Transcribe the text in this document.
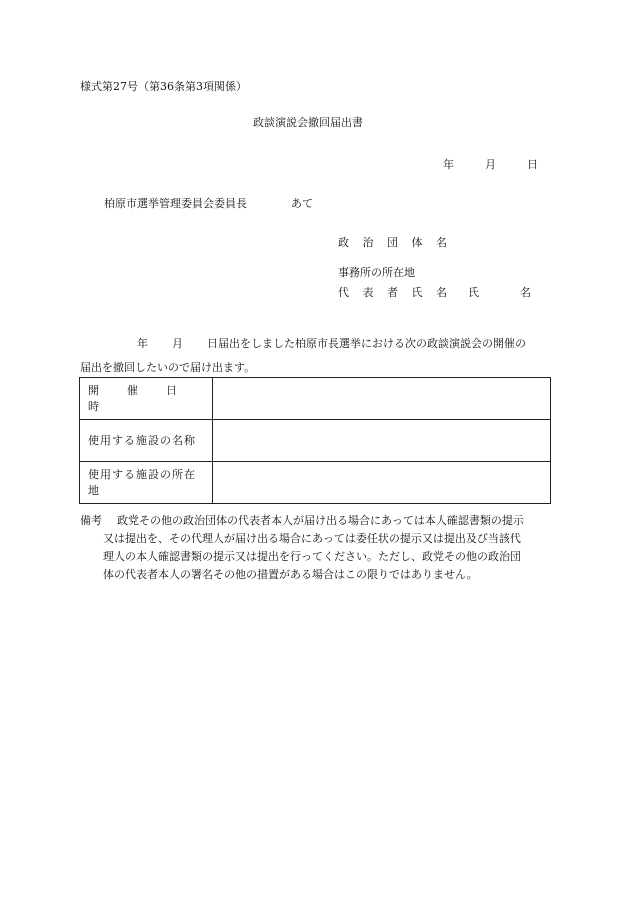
様式第27号（第36条第3項関係）
政談演説会撤回届出書
年	月	日
柏原市選挙管理委員会委員長	あて
政 治 団 体 名
事務所の所在地
代 表 者 氏 名　氏	名
年 月 日届出をしました柏原市長選挙における次の政談演説会の開催の
届出を撤回したいので届け出ます。
開　　催　　日　　時	
使用する施設の名称	
使用する施設の所在地	
備考 政党その他の政治団体の代表者本人が届け出る場合にあっては本人確認書類の提示
又は提出を、その代理人が届け出る場合にあっては委任状の提示又は提出及び当該代
理人の本人確認書類の提示又は提出を行ってください。ただし、政党その他の政治団
体の代表者本人の署名その他の措置がある場合はこの限りではありません。
